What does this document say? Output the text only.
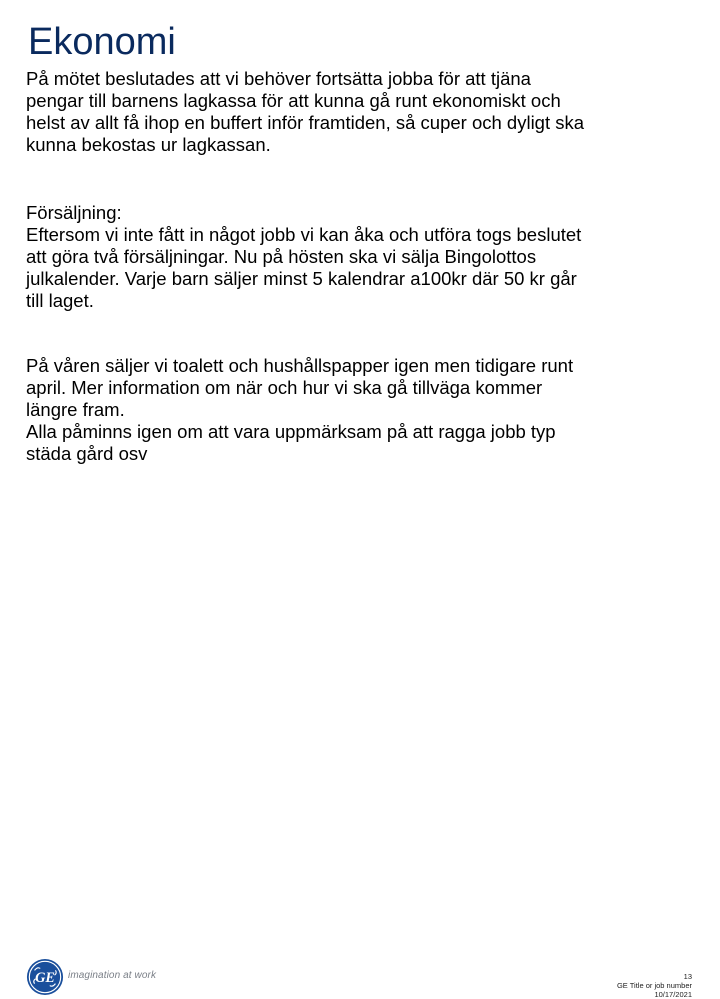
Ekonomi

På mötet beslutades att vi behöver fortsätta jobba för att tjäna
pengar till barnens lagkassa för att kunna gå runt ekonomiskt och
helst av allt få ihop en buffert inför framtiden, så cuper och dyligt ska
kunna bekostas ur lagkassan.

Försäljning:
Eftersom vi inte fått in något jobb vi kan åka och utföra togs beslutet
att göra två försäljningar. Nu på hösten ska vi sälja Bingolottos
julkalender. Varje barn säljer minst 5 kalendrar a100kr där 50 kr går
till laget.

På våren säljer vi toalett och hushållspapper igen men tidigare runt
april. Mer information om när och hur vi ska gå tillväga kommer
längre fram.
Alla påminns igen om att vara uppmärksam på att ragga jobb typ
städa gård osv

GE imagination at work	13
GE Title or job number
10/17/2021
